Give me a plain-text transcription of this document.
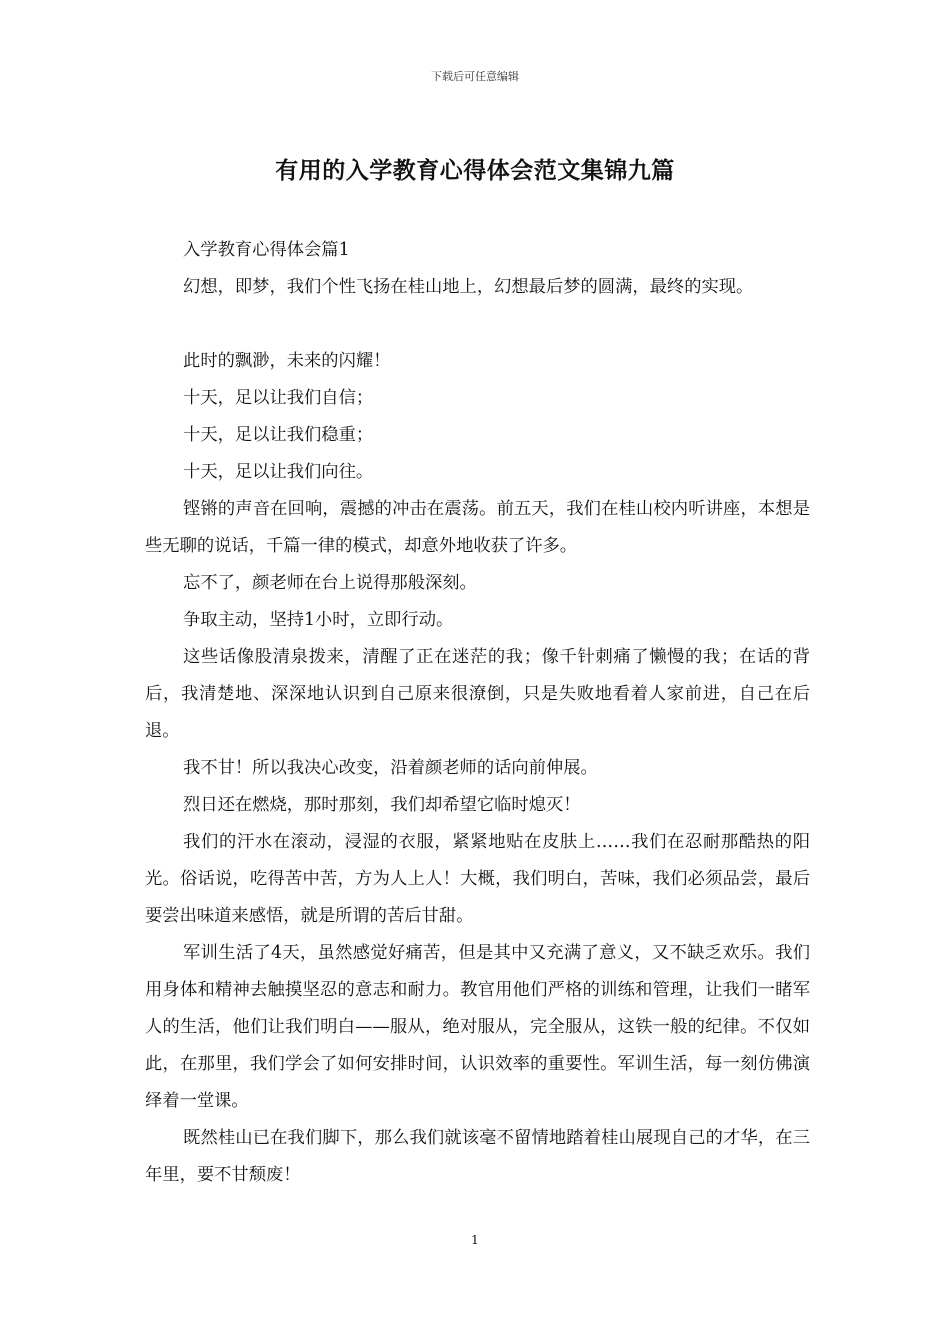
下载后可任意编辑
有用的入学教育心得体会范文集锦九篇

入学教育心得体会篇1

幻想，即梦，我们个性飞扬在桂山地上，幻想最后梦的圆满，最终的实现。

此时的飘渺，未来的闪耀！

十天，足以让我们自信；

十天，足以让我们稳重；

十天，足以让我们向往。

铿锵的声音在回响，震撼的冲击在震荡。前五天，我们在桂山校内听讲座，本想是些无聊的说话，千篇一律的模式，却意外地收获了许多。

忘不了，颜老师在台上说得那般深刻。

争取主动，坚持1小时，立即行动。

这些话像股清泉拨来，清醒了正在迷茫的我；像千针刺痛了懒慢的我；在话的背后，我清楚地、深深地认识到自己原来很潦倒，只是失败地看着人家前进，自己在后退。

我不甘！所以我决心改变，沿着颜老师的话向前伸展。

烈日还在燃烧，那时那刻，我们却希望它临时熄灭！

我们的汗水在滚动，浸湿的衣服，紧紧地贴在皮肤上……我们在忍耐那酷热的阳光。俗话说，吃得苦中苦，方为人上人！大概，我们明白，苦味，我们必须品尝，最后要尝出味道来感悟，就是所谓的苦后甘甜。

军训生活了4天，虽然感觉好痛苦，但是其中又充满了意义，又不缺乏欢乐。我们用身体和精神去触摸坚忍的意志和耐力。教官用他们严格的训练和管理，让我们一睹军人的生活，他们让我们明白——服从，绝对服从，完全服从，这铁一般的纪律。不仅如此，在那里，我们学会了如何安排时间，认识效率的重要性。军训生活，每一刻仿佛演绎着一堂课。

既然桂山已在我们脚下，那么我们就该毫不留情地踏着桂山展现自己的才华，在三年里，要不甘颓废！

1
